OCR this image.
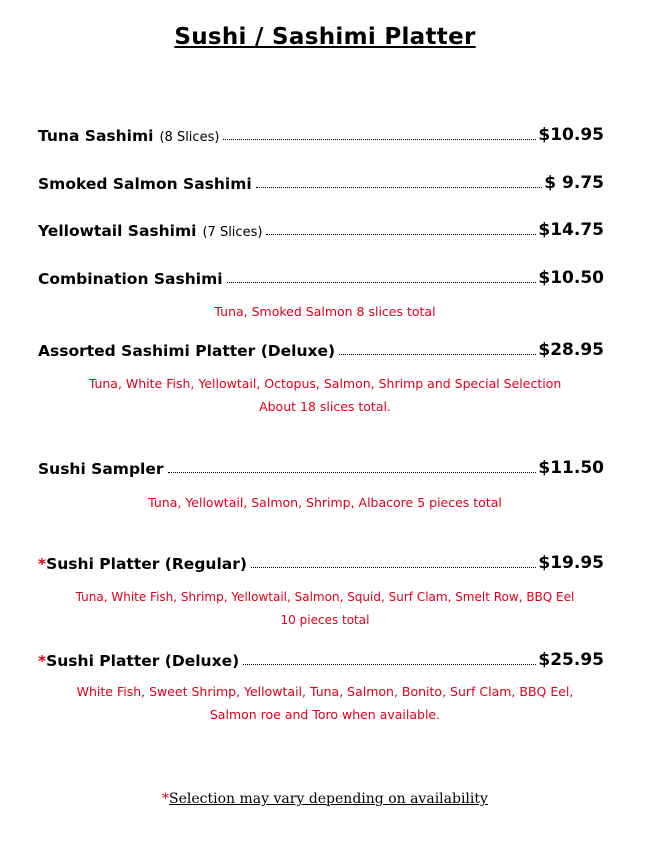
Sushi / Sashimi Platter
Tuna Sashimi (8 Slices)	$10.95
Smoked Salmon Sashimi	$ 9.75
Yellowtail Sashimi (7 Slices)	$14.75
Combination Sashimi	$10.50
Tuna, Smoked Salmon 8 slices total
Assorted Sashimi Platter (Deluxe)	$28.95
Tuna, White Fish, Yellowtail, Octopus, Salmon, Shrimp and Special Selection
About 18 slices total.
Sushi Sampler	$11.50
Tuna, Yellowtail, Salmon, Shrimp, Albacore 5 pieces total
*Sushi Platter (Regular)	$19.95
Tuna, White Fish, Shrimp, Yellowtail, Salmon, Squid, Surf Clam, Smelt Row, BBQ Eel
10 pieces total
*Sushi Platter (Deluxe)	$25.95
White Fish, Sweet Shrimp, Yellowtail, Tuna, Salmon, Bonito, Surf Clam, BBQ Eel,
Salmon roe and Toro when available.
*Selection may vary depending on availability
